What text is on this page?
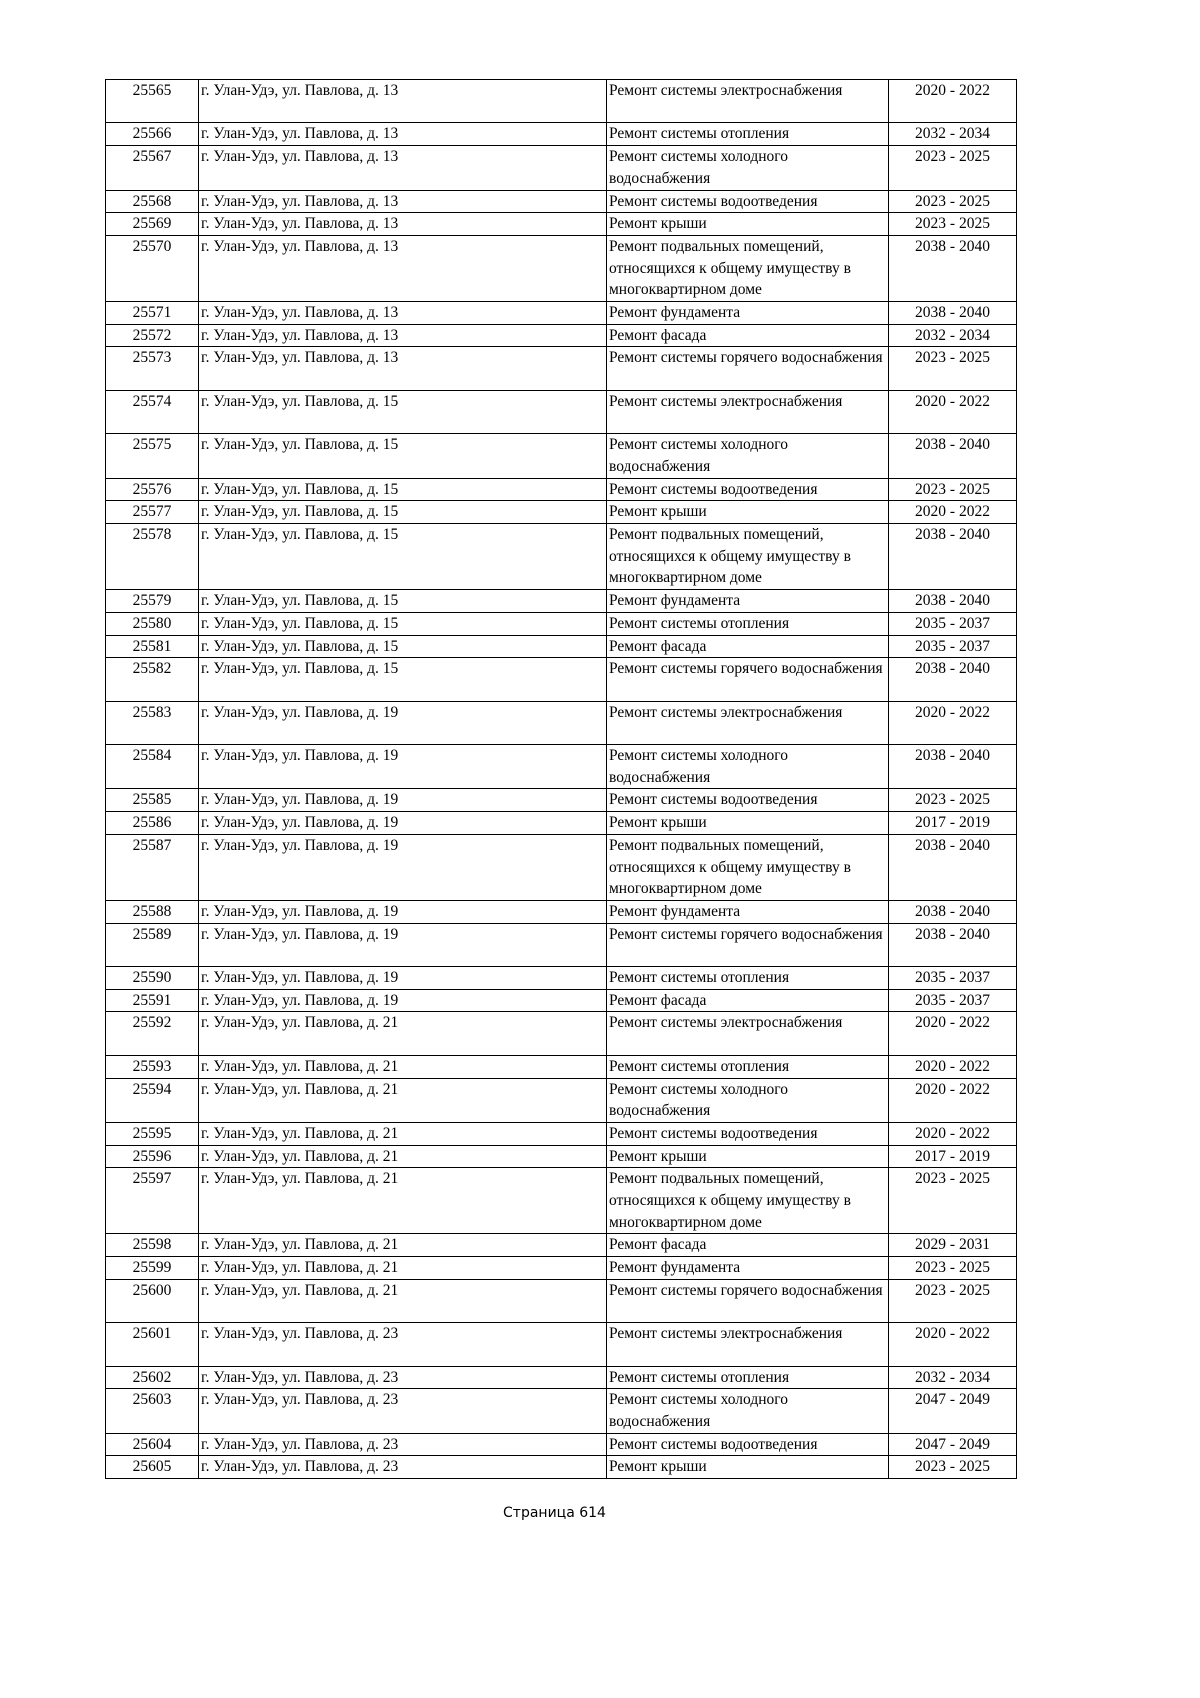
25565	г. Улан-Удэ, ул. Павлова, д. 13	Ремонт системы электроснабжения	2020 - 2022
25566	г. Улан-Удэ, ул. Павлова, д. 13	Ремонт системы отопления	2032 - 2034
25567	г. Улан-Удэ, ул. Павлова, д. 13	Ремонт системы холодного водоснабжения	2023 - 2025
25568	г. Улан-Удэ, ул. Павлова, д. 13	Ремонт системы водоотведения	2023 - 2025
25569	г. Улан-Удэ, ул. Павлова, д. 13	Ремонт крыши	2023 - 2025
25570	г. Улан-Удэ, ул. Павлова, д. 13	Ремонт подвальных помещений, относящихся к общему имуществу в многоквартирном доме	2038 - 2040
25571	г. Улан-Удэ, ул. Павлова, д. 13	Ремонт фундамента	2038 - 2040
25572	г. Улан-Удэ, ул. Павлова, д. 13	Ремонт фасада	2032 - 2034
25573	г. Улан-Удэ, ул. Павлова, д. 13	Ремонт системы горячего водоснабжения	2023 - 2025
25574	г. Улан-Удэ, ул. Павлова, д. 15	Ремонт системы электроснабжения	2020 - 2022
25575	г. Улан-Удэ, ул. Павлова, д. 15	Ремонт системы холодного водоснабжения	2038 - 2040
25576	г. Улан-Удэ, ул. Павлова, д. 15	Ремонт системы водоотведения	2023 - 2025
25577	г. Улан-Удэ, ул. Павлова, д. 15	Ремонт крыши	2020 - 2022
25578	г. Улан-Удэ, ул. Павлова, д. 15	Ремонт подвальных помещений, относящихся к общему имуществу в многоквартирном доме	2038 - 2040
25579	г. Улан-Удэ, ул. Павлова, д. 15	Ремонт фундамента	2038 - 2040
25580	г. Улан-Удэ, ул. Павлова, д. 15	Ремонт системы отопления	2035 - 2037
25581	г. Улан-Удэ, ул. Павлова, д. 15	Ремонт фасада	2035 - 2037
25582	г. Улан-Удэ, ул. Павлова, д. 15	Ремонт системы горячего водоснабжения	2038 - 2040
25583	г. Улан-Удэ, ул. Павлова, д. 19	Ремонт системы электроснабжения	2020 - 2022
25584	г. Улан-Удэ, ул. Павлова, д. 19	Ремонт системы холодного водоснабжения	2038 - 2040
25585	г. Улан-Удэ, ул. Павлова, д. 19	Ремонт системы водоотведения	2023 - 2025
25586	г. Улан-Удэ, ул. Павлова, д. 19	Ремонт крыши	2017 - 2019
25587	г. Улан-Удэ, ул. Павлова, д. 19	Ремонт подвальных помещений, относящихся к общему имуществу в многоквартирном доме	2038 - 2040
25588	г. Улан-Удэ, ул. Павлова, д. 19	Ремонт фундамента	2038 - 2040
25589	г. Улан-Удэ, ул. Павлова, д. 19	Ремонт системы горячего водоснабжения	2038 - 2040
25590	г. Улан-Удэ, ул. Павлова, д. 19	Ремонт системы отопления	2035 - 2037
25591	г. Улан-Удэ, ул. Павлова, д. 19	Ремонт фасада	2035 - 2037
25592	г. Улан-Удэ, ул. Павлова, д. 21	Ремонт системы электроснабжения	2020 - 2022
25593	г. Улан-Удэ, ул. Павлова, д. 21	Ремонт системы отопления	2020 - 2022
25594	г. Улан-Удэ, ул. Павлова, д. 21	Ремонт системы холодного водоснабжения	2020 - 2022
25595	г. Улан-Удэ, ул. Павлова, д. 21	Ремонт системы водоотведения	2020 - 2022
25596	г. Улан-Удэ, ул. Павлова, д. 21	Ремонт крыши	2017 - 2019
25597	г. Улан-Удэ, ул. Павлова, д. 21	Ремонт подвальных помещений, относящихся к общему имуществу в многоквартирном доме	2023 - 2025
25598	г. Улан-Удэ, ул. Павлова, д. 21	Ремонт фасада	2029 - 2031
25599	г. Улан-Удэ, ул. Павлова, д. 21	Ремонт фундамента	2023 - 2025
25600	г. Улан-Удэ, ул. Павлова, д. 21	Ремонт системы горячего водоснабжения	2023 - 2025
25601	г. Улан-Удэ, ул. Павлова, д. 23	Ремонт системы электроснабжения	2020 - 2022
25602	г. Улан-Удэ, ул. Павлова, д. 23	Ремонт системы отопления	2032 - 2034
25603	г. Улан-Удэ, ул. Павлова, д. 23	Ремонт системы холодного водоснабжения	2047 - 2049
25604	г. Улан-Удэ, ул. Павлова, д. 23	Ремонт системы водоотведения	2047 - 2049
25605	г. Улан-Удэ, ул. Павлова, д. 23	Ремонт крыши	2023 - 2025
Страница 614
